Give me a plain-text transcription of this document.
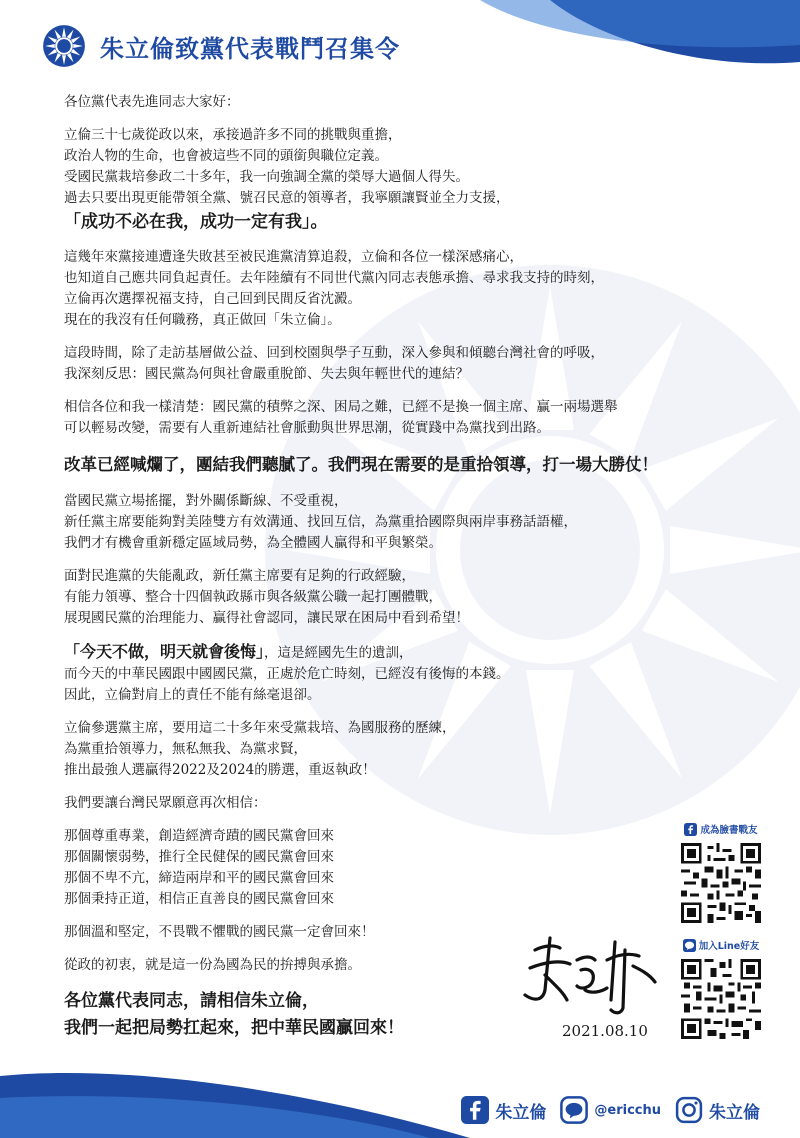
朱立倫致黨代表戰鬥召集令

各位黨代表先進同志大家好：

立倫三十七歲從政以來，承接過許多不同的挑戰與重擔，
政治人物的生命，也會被這些不同的頭銜與職位定義。
受國民黨栽培參政二十多年，我一向強調全黨的榮辱大過個人得失。
過去只要出現更能帶領全黨、號召民意的領導者，我寧願讓賢並全力支援，
「成功不必在我，成功一定有我」。

這幾年來黨接連遭逢失敗甚至被民進黨清算追殺，立倫和各位一樣深感痛心，
也知道自己應共同負起責任。去年陸續有不同世代黨內同志表態承擔、尋求我支持的時刻，
立倫再次選擇祝福支持，自己回到民間反省沈澱。
現在的我沒有任何職務，真正做回「朱立倫」。

這段時間，除了走訪基層做公益、回到校園與學子互動，深入參與和傾聽台灣社會的呼吸，
我深刻反思：國民黨為何與社會嚴重脫節、失去與年輕世代的連結？

相信各位和我一樣清楚：國民黨的積弊之深、困局之難，已經不是換一個主席、贏一兩場選舉
可以輕易改變，需要有人重新連結社會脈動與世界思潮，從實踐中為黨找到出路。

改革已經喊爛了，團結我們聽膩了。我們現在需要的是重拾領導，打一場大勝仗！

當國民黨立場搖擺，對外關係斷線、不受重視，
新任黨主席要能夠對美陸雙方有效溝通、找回互信，為黨重拾國際與兩岸事務話語權，
我們才有機會重新穩定區域局勢，為全體國人贏得和平與繁榮。

面對民進黨的失能亂政，新任黨主席要有足夠的行政經驗，
有能力領導、整合十四個執政縣市與各級黨公職一起打團體戰，
展現國民黨的治理能力、贏得社會認同，讓民眾在困局中看到希望！

「今天不做，明天就會後悔」，這是經國先生的遺訓，
而今天的中華民國跟中國國民黨，正處於危亡時刻，已經沒有後悔的本錢。
因此，立倫對肩上的責任不能有絲毫退卻。

立倫參選黨主席，要用這二十多年來受黨栽培、為國服務的歷練，
為黨重拾領導力，無私無我、為黨求賢，
推出最強人選贏得2022及2024的勝選，重返執政！

我們要讓台灣民眾願意再次相信：

那個尊重專業，創造經濟奇蹟的國民黨會回來
那個關懷弱勢，推行全民健保的國民黨會回來
那個不卑不亢，締造兩岸和平的國民黨會回來
那個秉持正道，相信正直善良的國民黨會回來

那個溫和堅定，不畏戰不懼戰的國民黨一定會回來！

從政的初衷，就是這一份為國為民的拚搏與承擔。

各位黨代表同志，請相信朱立倫，
我們一起把局勢扛起來，把中華民國贏回來！	2021.08.10
成為臉書戰友
加入Line好友
朱立倫	@ericchu	朱立倫
